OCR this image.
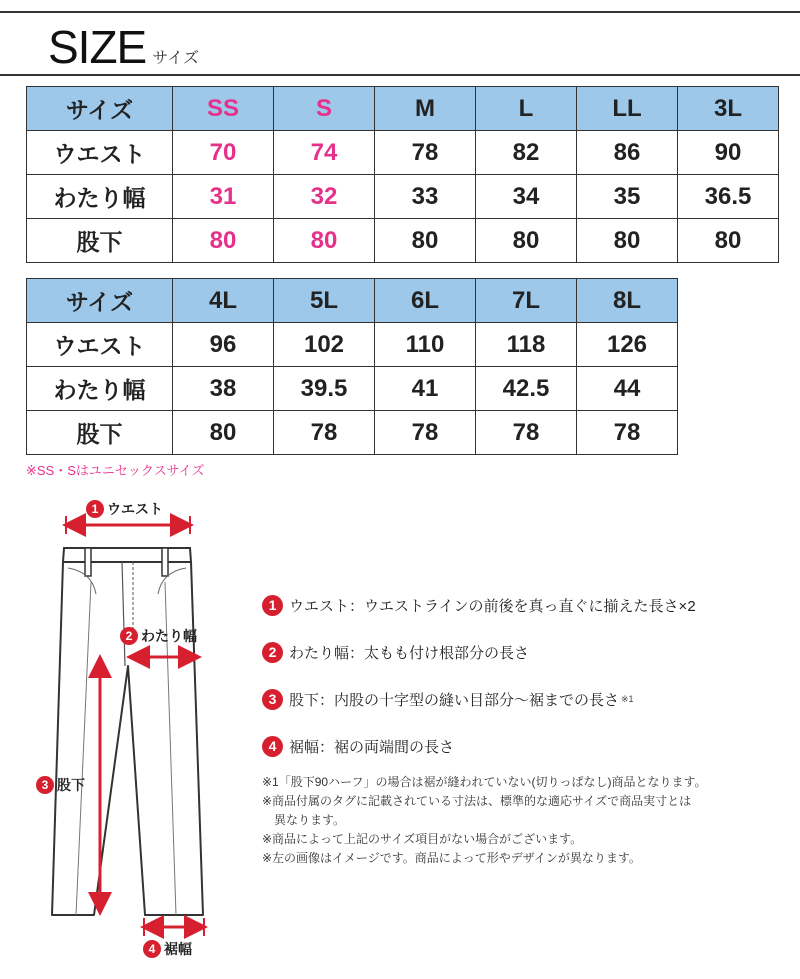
SIZE サイズ
サイズ	SS	S	M	L	LL	3L
ウエスト	70	74	78	82	86	90
わたり幅	31	32	33	34	35	36.5
股下	80	80	80	80	80	80
サイズ	4L	5L	6L	7L	8L
ウエスト	96	102	110	118	126
わたり幅	38	39.5	41	42.5	44
股下	80	78	78	78	78
※SS・Sはユニセックスサイズ
1 ウエスト
2 わたり幅
3 股下
4 裾幅
1 ウエスト：ウエストラインの前後を真っ直ぐに揃えた長さ×2
2 わたり幅：太もも付け根部分の長さ
3 股下：内股の十字型の縫い目部分～裾までの長さ ※1
4 裾幅：裾の両端間の長さ
※1「股下90ハーフ」の場合は裾が縫われていない(切りっぱなし)商品となります。
※商品付属のタグに記載されている寸法は、標準的な適応サイズで商品実寸とは
異なります。
※商品によって上記のサイズ項目がない場合がございます。
※左の画像はイメージです。商品によって形やデザインが異なります。
